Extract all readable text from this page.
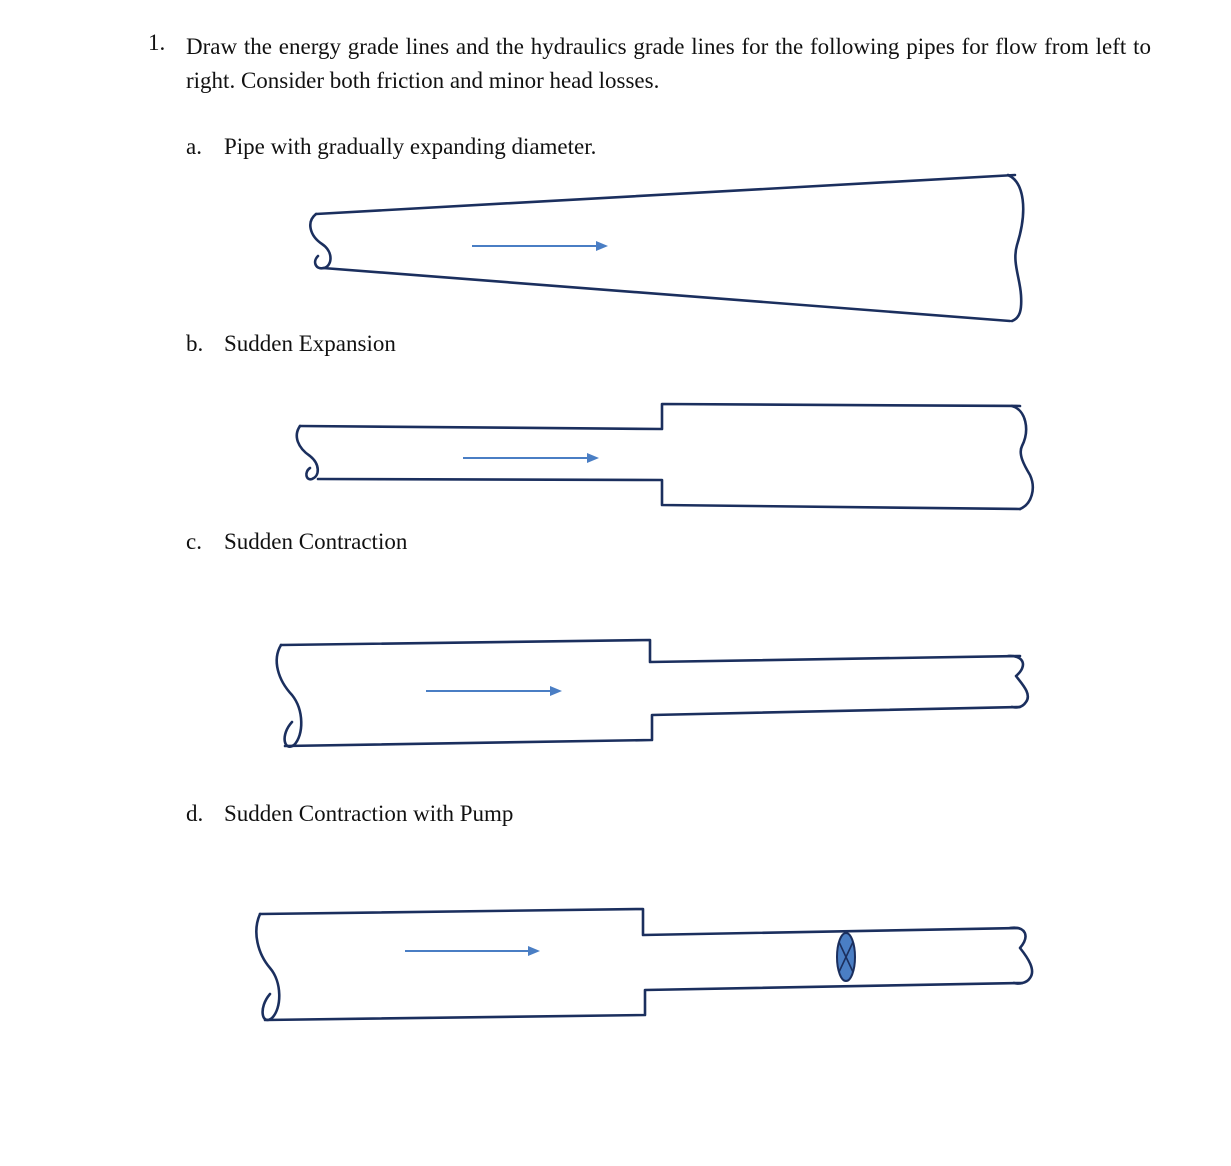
1. Draw the energy grade lines and the hydraulics grade lines for the following pipes for flow from left to right. Consider both friction and minor head losses.
a. Pipe with gradually expanding diameter.
b. Sudden Expansion
c. Sudden Contraction
d. Sudden Contraction with Pump
